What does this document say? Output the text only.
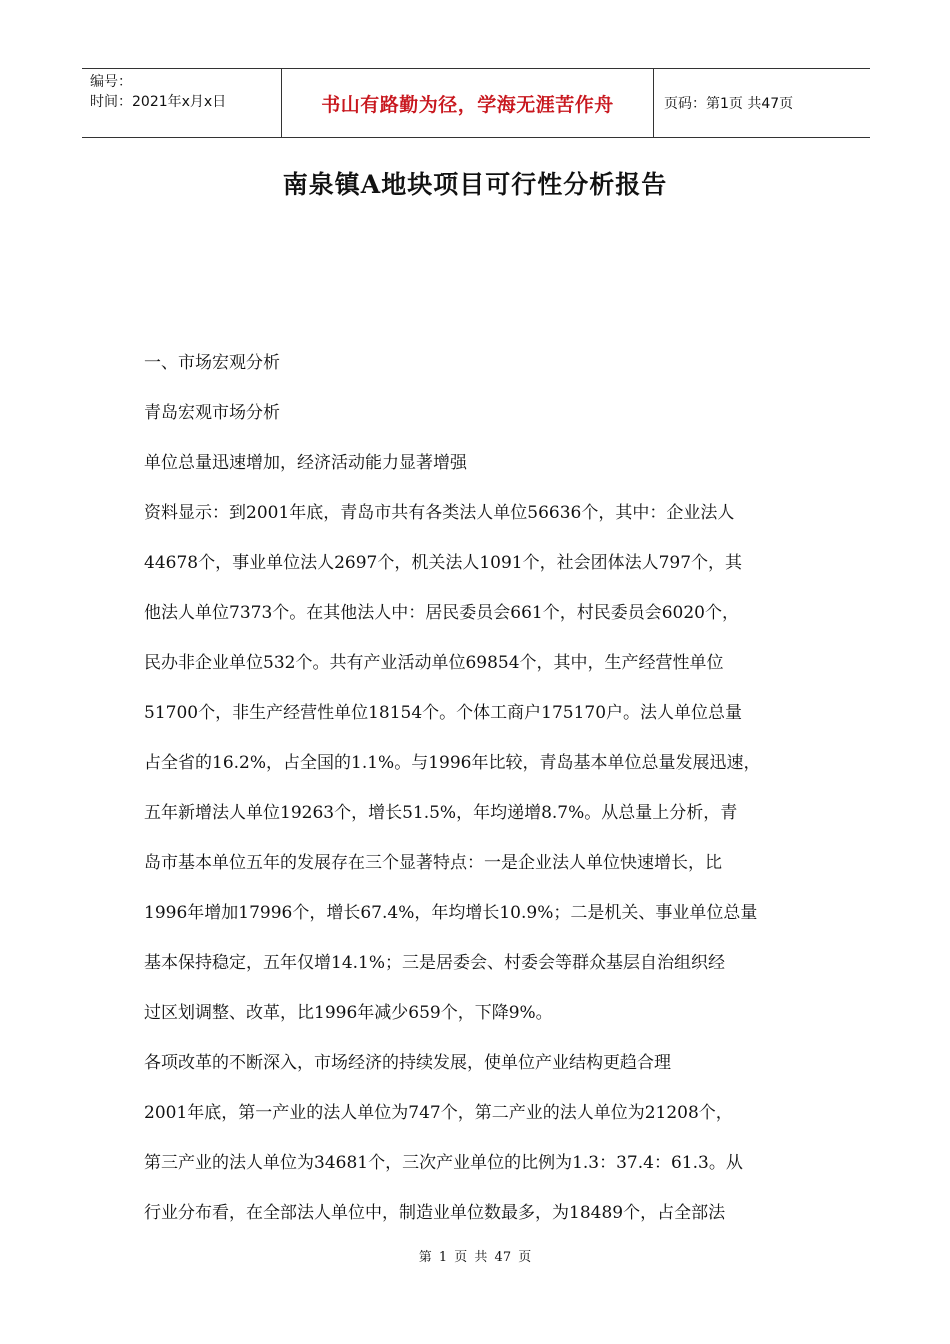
编号：
时间：2021年x月x日	书山有路勤为径，学海无涯苦作舟	页码：第1页 共47页
南泉镇A地块项目可行性分析报告
一、市场宏观分析
青岛宏观市场分析
单位总量迅速增加，经济活动能力显著增强
资料显示：到2001年底，青岛市共有各类法人单位56636个，其中：企业法人
44678个，事业单位法人2697个，机关法人1091个，社会团体法人797个，其
他法人单位7373个。在其他法人中：居民委员会661个，村民委员会6020个，
民办非企业单位532个。共有产业活动单位69854个，其中，生产经营性单位
51700个，非生产经营性单位18154个。个体工商户175170户。法人单位总量
占全省的16.2%，占全国的1.1%。与1996年比较，青岛基本单位总量发展迅速，
五年新增法人单位19263个，增长51.5%，年均递增8.7%。从总量上分析，青
岛市基本单位五年的发展存在三个显著特点：一是企业法人单位快速增长，比
1996年增加17996个，增长67.4%，年均增长10.9%；二是机关、事业单位总量
基本保持稳定，五年仅增14.1%；三是居委会、村委会等群众基层自治组织经
过区划调整、改革，比1996年减少659个，下降9%。
各项改革的不断深入，市场经济的持续发展，使单位产业结构更趋合理
2001年底，第一产业的法人单位为747个，第二产业的法人单位为21208个，
第三产业的法人单位为34681个，三次产业单位的比例为1.3：37.4：61.3。从
行业分布看，在全部法人单位中，制造业单位数最多，为18489个，占全部法
第 1 页 共 47 页
